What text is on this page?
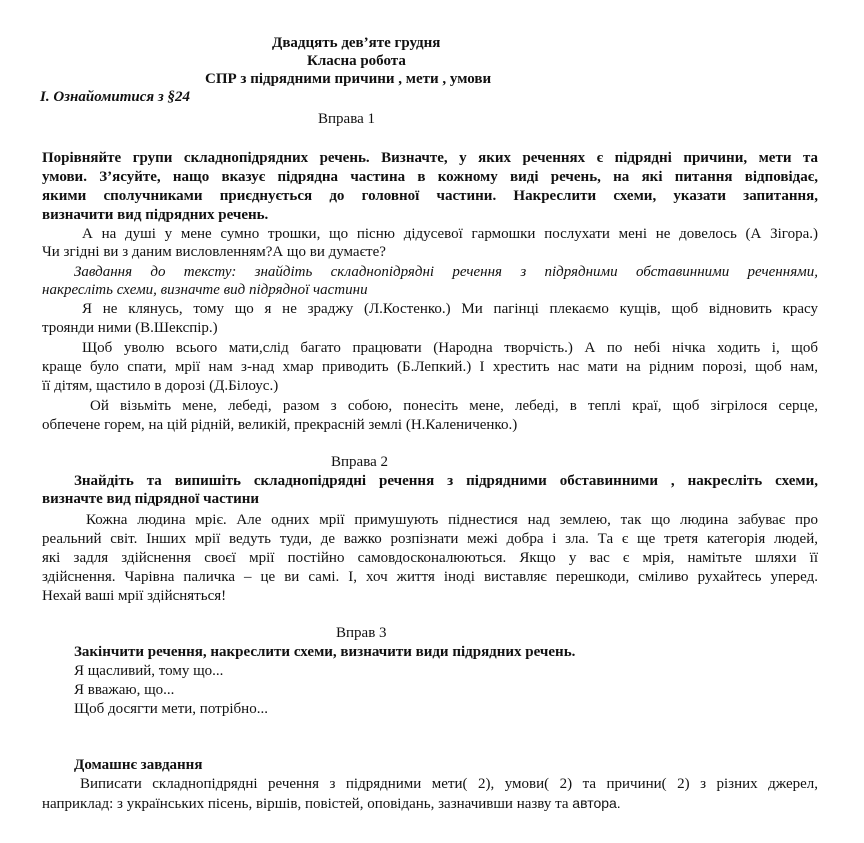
Двадцять дев’яте грудня
Класна робота
СПР з підрядними причини , мети , умови
І. Ознайомитися з §24
Вправа 1
Порівняйте групи складнопідрядних речень. Визначте, у яких реченнях є підрядні причини, мети та
умови. З’ясуйте, нащо вказує підрядна частина в кожному виді речень, на які питання відповідає,
якими сполучниками приєднується до головної частини. Накреслити схеми, указати запитання,
визначити вид підрядних речень.
А на душі у мене сумно трошки, що пісню дідусевої гармошки послухати мені не довелось (А Зігора.)
Чи згідні ви з даним висловленням?А що ви думаєте?
Завдання до тексту: знайдіть складнопідрядні речення з підрядними обставинними реченнями,
накресліть схеми, визначте вид підрядної частини
Я не клянусь, тому що я не зраджу (Л.Костенко.) Ми пагінці плекаємо кущів, щоб відновить красу
троянди ними (В.Шекспір.)
Щоб уволю всього мати,слід багато працювати (Народна творчість.) А по небі нічка ходить і, щоб
краще було спати, мрії нам з-над хмар приводить (Б.Лепкий.) І хрестить нас мати на рідним порозі, щоб нам,
її дітям, щастило в дорозі (Д.Білоус.)
Ой візьміть мене, лебеді, разом з собою, понесіть мене, лебеді, в теплі краї, щоб зігрілося серце,
обпечене горем, на цій рідній, великій, прекрасній землі (Н.Калениченко.)
Вправа 2
Знайдіть та випишіть складнопідрядні речення з підрядними обставинними , накресліть схеми,
визначте вид підрядної частини
Кожна людина мріє. Але одних мрії примушують піднестися над землею, так що людина забуває про
реальний світ. Інших мрії ведуть туди, де важко розпізнати межі добра і зла. Та є ще третя категорія людей,
які задля здійснення своєї мрії постійно самовдосконалюються. Якщо у вас є мрія, намітьте шляхи її
здійснення. Чарівна паличка – це ви самі. І, хоч життя іноді виставляє перешкоди, сміливо рухайтесь уперед.
Нехай ваші мрії здійсняться!
Вправ 3
Закінчити речення, накреслити схеми, визначити види підрядних речень.
Я щасливий, тому що...
Я вважаю, що...
Щоб досягти мети, потрібно...
Домашнє завдання
Виписати складнопідрядні речення з підрядними мети( 2), умови( 2) та причини( 2) з різних джерел,
наприклад: з українських пісень, віршів, повістей, оповідань, зазначивши назву та автора.
